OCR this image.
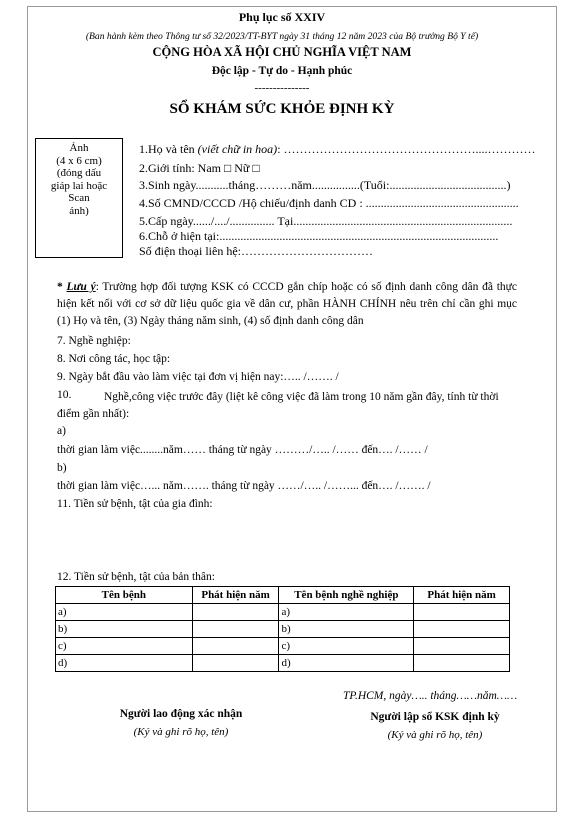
Phụ lục số XXIV
(Ban hành kèm theo Thông tư số 32/2023/TT-BYT ngày 31 tháng 12 năm 2023 của Bộ trưởng Bộ Y tế)
CỘNG HÒA XÃ HỘI CHỦ NGHĨA VIỆT NAM
Độc lập - Tự do - Hạnh phúc
---------------
SỔ KHÁM SỨC KHỎE ĐỊNH KỲ
Ảnh
(4 x 6 cm)
(đóng dấu
giáp lai hoặc
Scan
ảnh)
1.Họ và tên (viết chữ in hoa): …………………………………………....…………
2.Giới tính: Nam □ Nữ □
3.Sinh ngày...........tháng………năm................(Tuổi:.......................................)
4.Số CMND/CCCD /Hộ chiếu/định danh CD : ...................................................
5.Cấp ngày....../..../............... Tại.........................................................................
6.Chỗ ở hiện tại:.............................................................................................
Số điện thoại liên hệ:……………………………
* Lưu ý: Trường hợp đối tượng KSK có CCCD gắn chíp hoặc có số định danh công dân đã thực hiện kết nối với cơ sở dữ liệu quốc gia về dân cư, phần HÀNH CHÍNH nêu trên chỉ cần ghi mục (1) Họ và tên, (3) Ngày tháng năm sinh, (4) số định danh công dân
7. Nghề nghiệp:
8. Nơi công tác, học tập:
9. Ngày bắt đầu vào làm việc tại đơn vị hiện nay:….. /……. /
10.	Nghề,công việc trước đây (liệt kê công việc đã làm trong 10 năm gần đây, tính từ thời điểm gần nhất):
a)
thời gian làm việc........năm…… tháng từ ngày ………/….. /…… đến…. /…… /
b)
thời gian làm việc…... năm……. tháng từ ngày ……/….. /……... đến…. /……. /
11. Tiền sử bệnh, tật của gia đình:
12. Tiền sử bệnh, tật của bản thân:
Tên bệnh	Phát hiện năm	Tên bệnh nghề nghiệp	Phát hiện năm
a)		a)	
b)		b)	
c)		c)	
d)		d)	
TP.HCM, ngày….. tháng……năm……
Người lao động xác nhận
(Ký và ghi rõ họ, tên)
Người lập sổ KSK định kỳ
(Ký và ghi rõ họ, tên)
